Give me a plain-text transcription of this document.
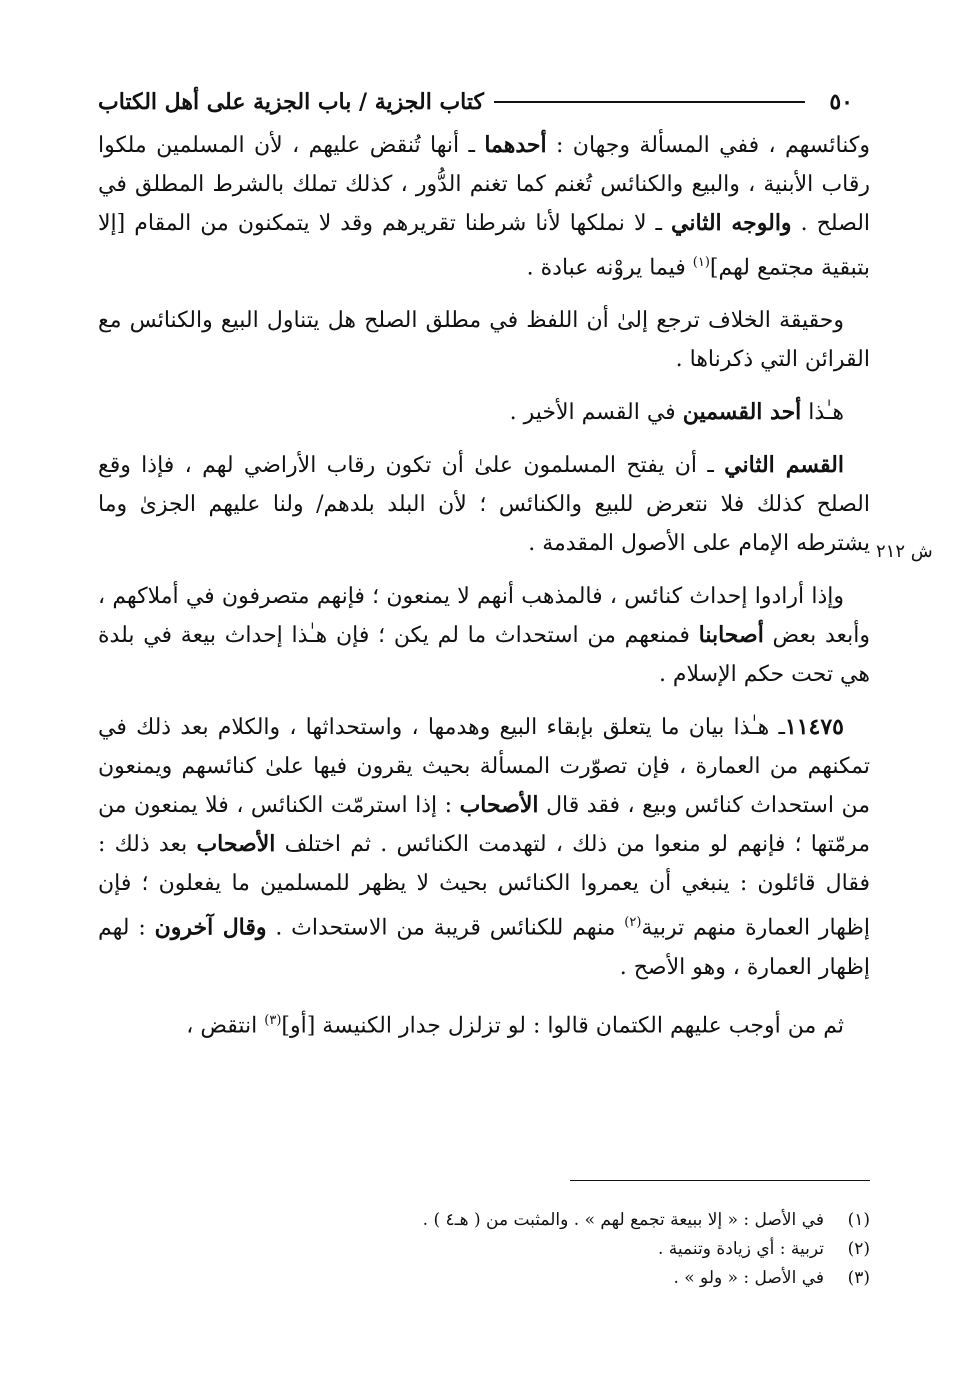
٥٠
كتاب الجزية / باب الجزية على أهل الكتاب

وكنائسهم ، ففي المسألة وجهان : أحدهما ـ أنها تُنقض عليهم ، لأن المسلمين ملكوا رقاب الأبنية ، والبيع والكنائس تُغنم كما تغنم الدُّور ، كذلك تملك بالشرط المطلق في الصلح . والوجه الثاني ـ لا نملكها لأنا شرطنا تقريرهم وقد لا يتمكنون من المقام [إلا بتبقية مجتمع لهم]$^{(١)}$ فيما يروْنه عبادة .

وحقيقة الخلاف ترجع إلىٰ أن اللفظ في مطلق الصلح هل يتناول البيع والكنائس مع القرائن التي ذكرناها .

هـٰذا أحد القسمين في القسم الأخير .

القسم الثاني ـ أن يفتح المسلمون علىٰ أن تكون رقاب الأراضي لهم ، فإذا وقع الصلح كذلك فلا نتعرض للبيع والكنائس ؛ لأن البلد بلدهم/ ولنا عليهم الجزىٰ وما يشترطه الإمام على الأصول المقدمة .

وإذا أرادوا إحداث كنائس ، فالمذهب أنهم لا يمنعون ؛ فإنهم متصرفون في أملاكهم ، وأبعد بعض أصحابنا فمنعهم من استحداث ما لم يكن ؛ فإن هـٰذا إحداث بيعة في بلدة هي تحت حكم الإسلام .

١١٤٧٥ـ هـٰذا بيان ما يتعلق بإبقاء البيع وهدمها ، واستحداثها ، والكلام بعد ذلك في تمكنهم من العمارة ، فإن تصوّرت المسألة بحيث يقرون فيها علىٰ كنائسهم ويمنعون من استحداث كنائس وبيع ، فقد قال الأصحاب : إذا استرمّت الكنائس ، فلا يمنعون من مرمّتها ؛ فإنهم لو منعوا من ذلك ، لتهدمت الكنائس . ثم اختلف الأصحاب بعد ذلك : فقال قائلون : ينبغي أن يعمروا الكنائس بحيث لا يظهر للمسلمين ما يفعلون ؛ فإن إظهار العمارة منهم تربية$^{(٢)}$ منهم للكنائس قريبة من الاستحداث . وقال آخرون : لهم إظهار العمارة ، وهو الأصح .

ثم من أوجب عليهم الكتمان قالوا : لو تزلزل جدار الكنيسة [أو]$^{(٣)}$ انتقض ،

ش ٢١٢
(١)
في الأصل : « إلا ببيعة تجمع لهم » . والمثبت من ( هـ٤ ) .
(٢)
تربية : أي زيادة وتنمية .
(٣)
في الأصل : « ولو » .
